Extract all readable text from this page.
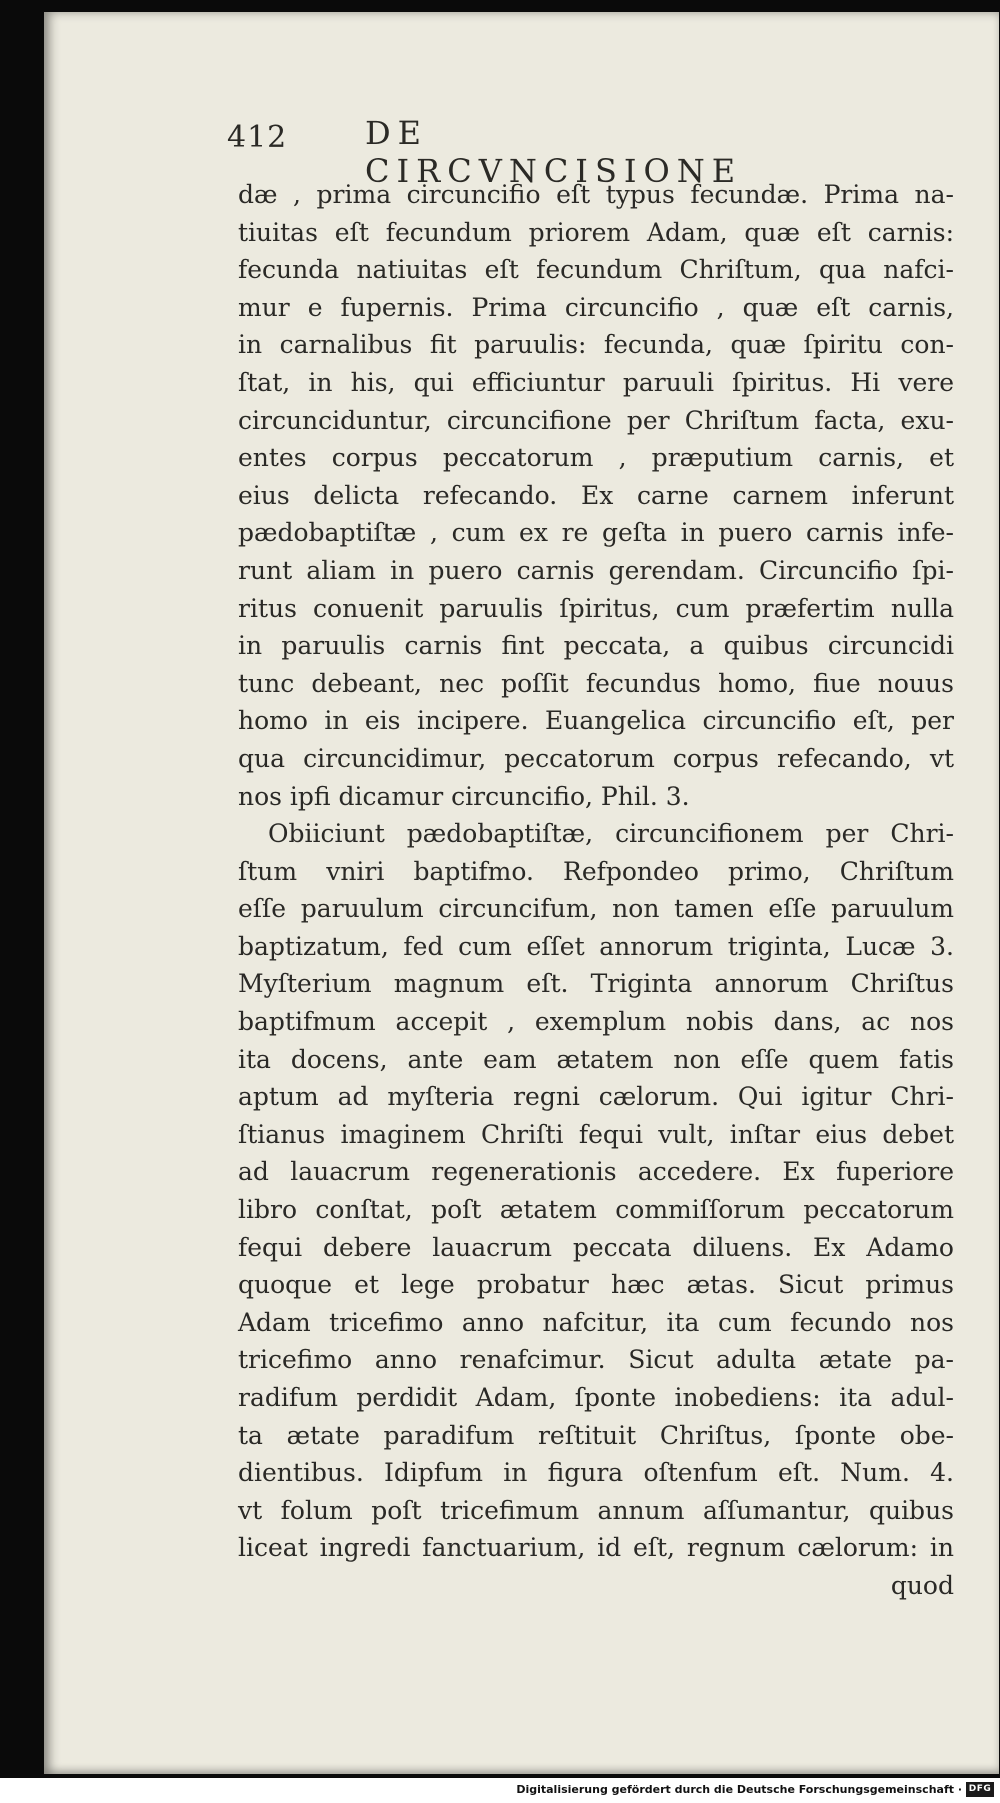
412 DE CIRCVNCISIONE
dæ , prima circuncifio eſt typus fecundæ. Prima na-
tiuitas eſt fecundum priorem Adam, quæ eſt carnis:
fecunda natiuitas eſt fecundum Chriſtum, qua nafci-
mur e fupernis. Prima circuncifio , quæ eſt carnis,
in carnalibus fit paruulis: fecunda, quæ ſpiritu con-
ſtat, in his, qui efficiuntur paruuli ſpiritus. Hi vere
circunciduntur, circuncifione per Chriſtum facta, exu-
entes corpus peccatorum , præputium carnis, et
eius delicta refecando. Ex carne carnem inferunt
pædobaptiſtæ , cum ex re geſta in puero carnis infe-
runt aliam in puero carnis gerendam. Circuncifio ſpi-
ritus conuenit paruulis ſpiritus, cum præfertim nulla
in paruulis carnis fint peccata, a quibus circuncidi
tunc debeant, nec poſſit fecundus homo, fiue nouus
homo in eis incipere. Euangelica circuncifio eſt, per
qua circuncidimur, peccatorum corpus refecando, vt
nos ipfi dicamur circuncifio, Phil. 3.
Obiiciunt pædobaptiſtæ, circuncifionem per Chri-
ſtum vniri baptifmo. Refpondeo primo, Chriſtum
eſſe paruulum circuncifum, non tamen eſſe paruulum
baptizatum, fed cum eſſet annorum triginta, Lucæ 3.
Myſterium magnum eſt. Triginta annorum Chriſtus
baptifmum accepit , exemplum nobis dans, ac nos
ita docens, ante eam ætatem non eſſe quem fatis
aptum ad myſteria regni cælorum. Qui igitur Chri-
ſtianus imaginem Chriſti fequi vult, inſtar eius debet
ad lauacrum regenerationis accedere. Ex fuperiore
libro conſtat, poſt ætatem commiſſorum peccatorum
fequi debere lauacrum peccata diluens. Ex Adamo
quoque et lege probatur hæc ætas. Sicut primus
Adam tricefimo anno nafcitur, ita cum fecundo nos
tricefimo anno renafcimur. Sicut adulta ætate pa-
radifum perdidit Adam, ſponte inobediens: ita adul-
ta ætate paradifum reſtituit Chriſtus, ſponte obe-
dientibus. Idipfum in figura oſtenfum eſt. Num. 4.
vt folum poſt tricefimum annum aſſumantur, quibus
liceat ingredi fanctuarium, id eſt, regnum cælorum: in
quod
Digitalisierung gefördert durch die Deutsche Forschungsgemeinschaft · DFG
